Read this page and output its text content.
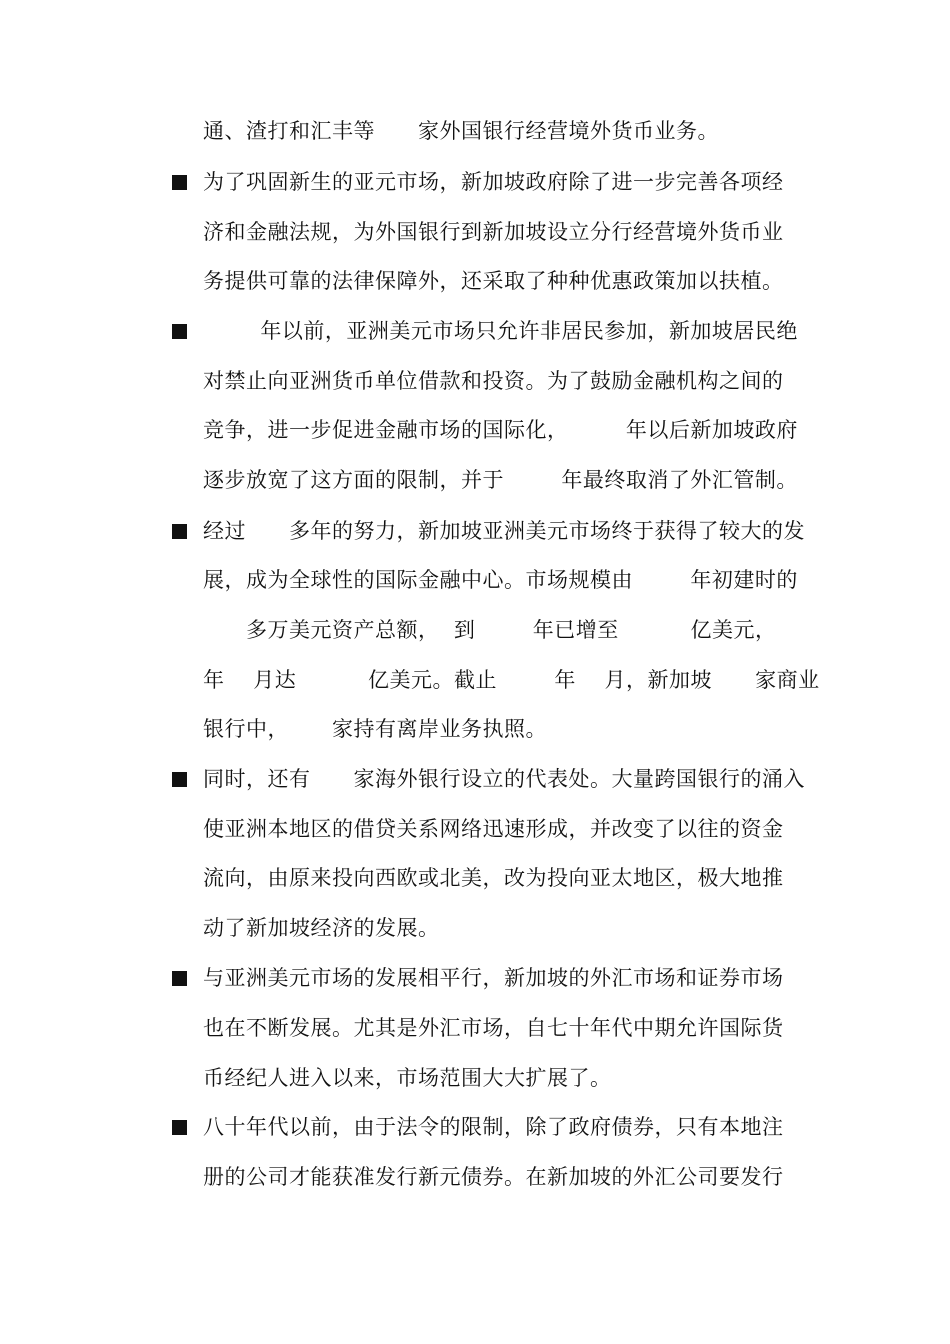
通、渣打和汇丰等      家外国银行经营境外货币业务。
为了巩固新生的亚元市场，新加坡政府除了进一步完善各项经
济和金融法规，为外国银行到新加坡设立分行经营境外货币业
务提供可靠的法律保障外，还采取了种种优惠政策加以扶植。
年以前，亚洲美元市场只允许非居民参加，新加坡居民绝
对禁止向亚洲货币单位借款和投资。为了鼓励金融机构之间的
竞争，进一步促进金融市场的国际化，        年以后新加坡政府
逐步放宽了这方面的限制，并于        年最终取消了外汇管制。
经过      多年的努力，新加坡亚洲美元市场终于获得了较大的发
展，成为全球性的国际金融中心。市场规模由        年初建时的
多万美元资产总额，  到        年已增至          亿美元，
年    月达          亿美元。截止        年    月，新加坡      家商业
银行中，      家持有离岸业务执照。
同时，还有      家海外银行设立的代表处。大量跨国银行的涌入
使亚洲本地区的借贷关系网络迅速形成，并改变了以往的资金
流向，由原来投向西欧或北美，改为投向亚太地区，极大地推
动了新加坡经济的发展。
与亚洲美元市场的发展相平行，新加坡的外汇市场和证券市场
也在不断发展。尤其是外汇市场，自七十年代中期允许国际货
币经纪人进入以来，市场范围大大扩展了。
八十年代以前，由于法令的限制，除了政府债券，只有本地注
册的公司才能获准发行新元债券。在新加坡的外汇公司要发行
